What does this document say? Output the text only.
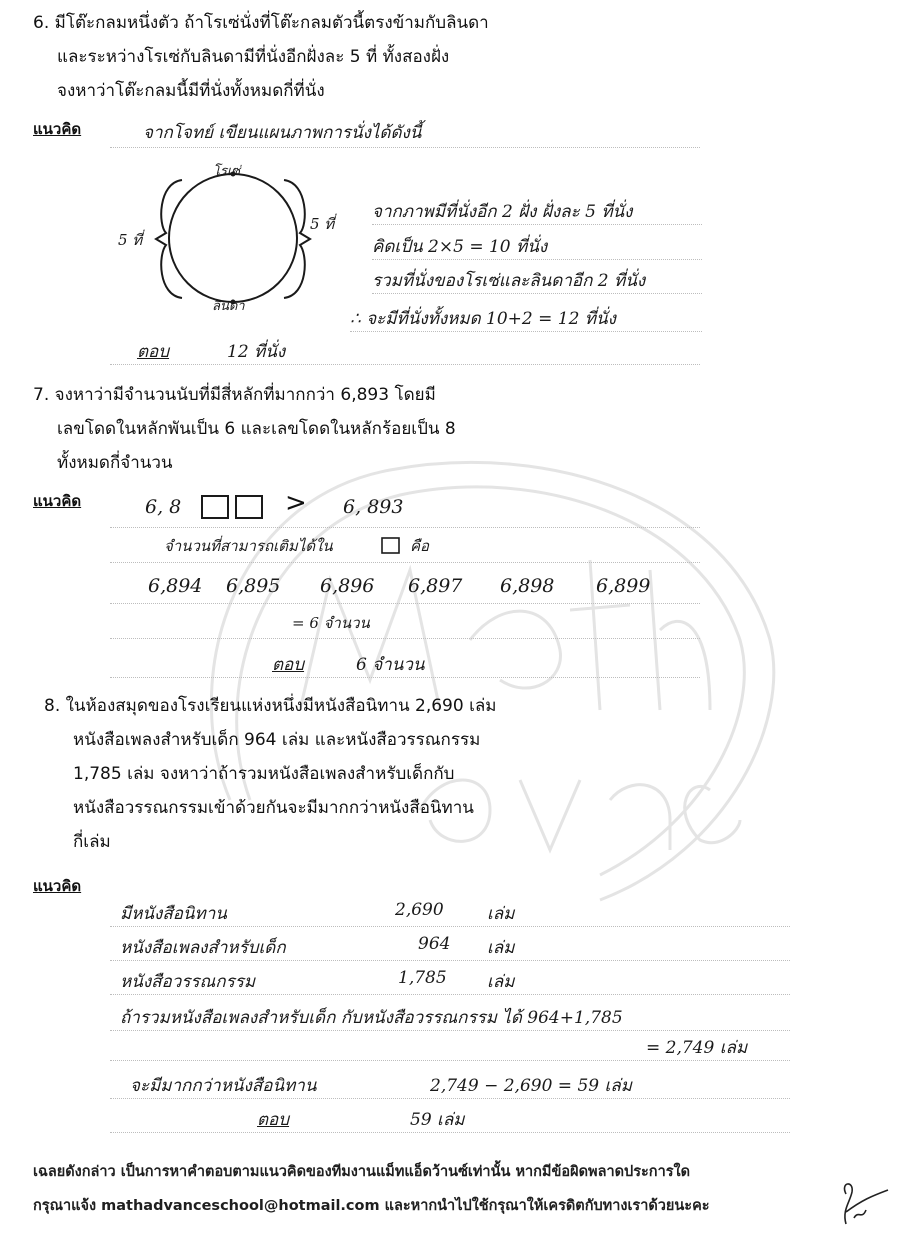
6. มีโต๊ะกลมหนึ่งตัว ถ้าโรเซ่นั่งที่โต๊ะกลมตัวนี้ตรงข้ามกับลินดา
และระหว่างโรเซ่กับลินดามีที่นั่งอีกฝั่งละ 5 ที่ ทั้งสองฝั่ง
จงหาว่าโต๊ะกลมนี้มีที่นั่งทั้งหมดกี่ที่นั่ง
แนวคิด	จากโจทย์ เขียนแผนภาพการนั่งได้ดังนี้
โรเซ่
ลินดา
5 ที่
5 ที่
จากภาพมีที่นั่งอีก 2 ฝั่ง ฝั่งละ 5 ที่นั่ง
คิดเป็น 2×5 = 10 ที่นั่ง
รวมที่นั่งของโรเซ่และลินดาอีก 2 ที่นั่ง
∴ จะมีที่นั่งทั้งหมด 10+2 = 12 ที่นั่ง
ตอบ	12 ที่นั่ง
7. จงหาว่ามีจำนวนนับที่มีสี่หลักที่มากกว่า 6,893 โดยมี
เลขโดดในหลักพันเป็น 6 และเลขโดดในหลักร้อยเป็น 8
ทั้งหมดกี่จำนวน
แนวคิด	6, 8	> 6, 893
จำนวนที่สามารถเติมได้ใน	คือ
6,894 6,895 6,896 6,897 6,898 6,899
= 6 จำนวน
ตอบ	6 จำนวน
8. ในห้องสมุดของโรงเรียนแห่งหนึ่งมีหนังสือนิทาน 2,690 เล่ม
หนังสือเพลงสำหรับเด็ก 964 เล่ม และหนังสือวรรณกรรม
1,785 เล่ม จงหาว่าถ้ารวมหนังสือเพลงสำหรับเด็กกับ
หนังสือวรรณกรรมเข้าด้วยกันจะมีมากกว่าหนังสือนิทาน
กี่เล่ม
แนวคิด
มีหนังสือนิทาน	2,690	เล่ม
หนังสือเพลงสำหรับเด็ก	964 เล่ม
หนังสือวรรณกรรม	1,785 เล่ม
ถ้ารวมหนังสือเพลงสำหรับเด็ก กับหนังสือวรรณกรรม ได้ 964+1,785
= 2,749 เล่ม
จะมีมากกว่าหนังสือนิทาน	2,749 − 2,690 = 59 เล่ม
ตอบ	59 เล่ม
เฉลยดังกล่าว เป็นการหาคำตอบตามแนวคิดของทีมงานแม็ทแอ็ดว้านซ์เท่านั้น หากมีข้อผิดพลาดประการใด
กรุณาแจ้ง mathadvanceschool@hotmail.com และหากนำไปใช้กรุณาให้เครดิตกับทางเราด้วยนะคะ
